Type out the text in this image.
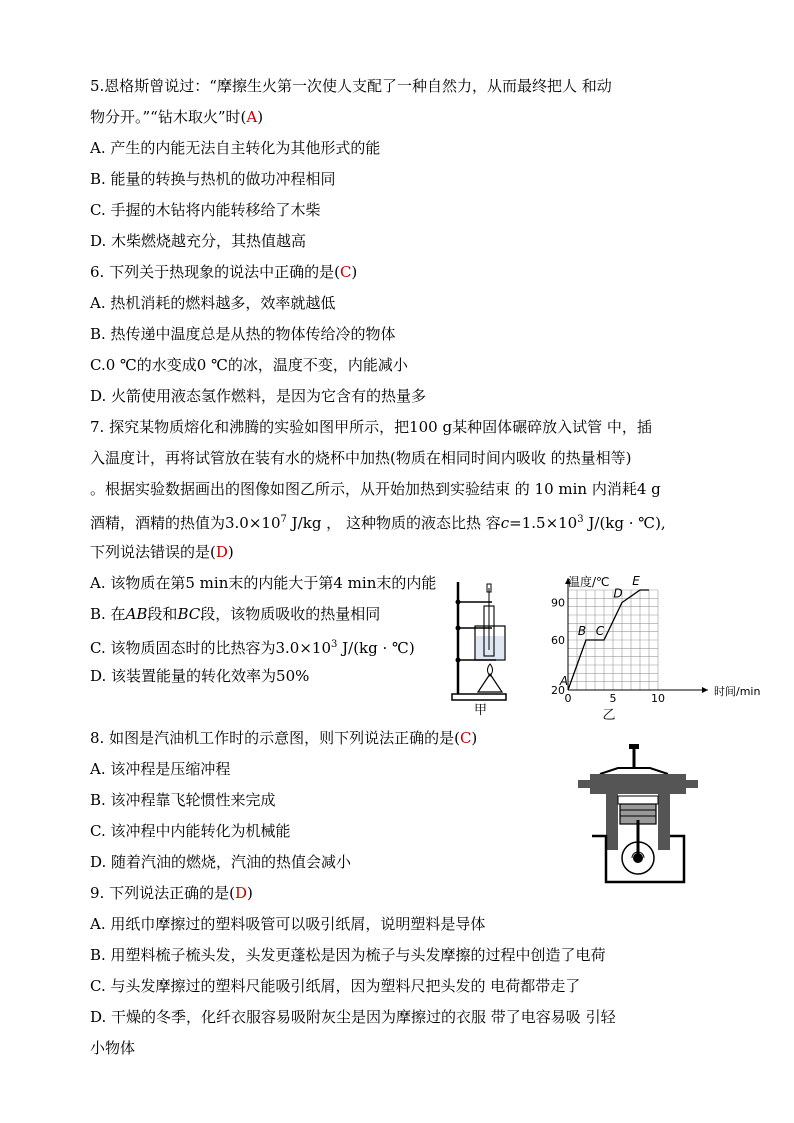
5.恩格斯曾说过：“摩擦生火第一次使人支配了一种自然力，从而最终把人 和动
物分开。”“钻木取火”时(A)
A. 产生的内能无法自主转化为其他形式的能
B. 能量的转换与热机的做功冲程相同
C. 手握的木钻将内能转移给了木柴
D. 木柴燃烧越充分，其热值越高
6. 下列关于热现象的说法中正确的是(C)
A. 热机消耗的燃料越多，效率就越低
B. 热传递中温度总是从热的物体传给冷的物体
C.0 ℃的水变成0 ℃的冰，温度不变，内能减小
D. 火箭使用液态氢作燃料，是因为它含有的热量多
7. 探究某物质熔化和沸腾的实验如图甲所示，把100 g某种固体碾碎放入试管 中，插
入温度计，再将试管放在装有水的烧杯中加热(物质在相同时间内吸收 的热量相等)
。根据实验数据画出的图像如图乙所示，从开始加热到实验结束 的 10 min 内消耗4 g
酒精，酒精的热值为$3.0\times 10^7$ J/kg ， 这种物质的液态比热 容$c=1.5\times 10^3$ J/(kg · ℃),
下列说法错误的是(D)
A. 该物质在第5 min末的内能大于第4 min末的内能
B. 在AB段和BC段，该物质吸收的热量相同
C. 该物质固态时的比热容为$3.0\times 10^3$ J/(kg · ℃)
D. 该装置能量的转化效率为50%
甲
温度/℃
时间/min
0	5	10
20
60
90
A
B C
D
E
乙
8. 如图是汽油机工作时的示意图，则下列说法正确的是(C)
A. 该冲程是压缩冲程
B. 该冲程靠飞轮惯性来完成
C. 该冲程中内能转化为机械能
D. 随着汽油的燃烧，汽油的热值会减小
9. 下列说法正确的是(D)
A. 用纸巾摩擦过的塑料吸管可以吸引纸屑，说明塑料是导体
B. 用塑料梳子梳头发，头发更蓬松是因为梳子与头发摩擦的过程中创造了电荷
C. 与头发摩擦过的塑料尺能吸引纸屑，因为塑料尺把头发的 电荷都带走了
D. 干燥的冬季，化纤衣服容易吸附灰尘是因为摩擦过的衣服 带了电容易吸 引轻
小物体
